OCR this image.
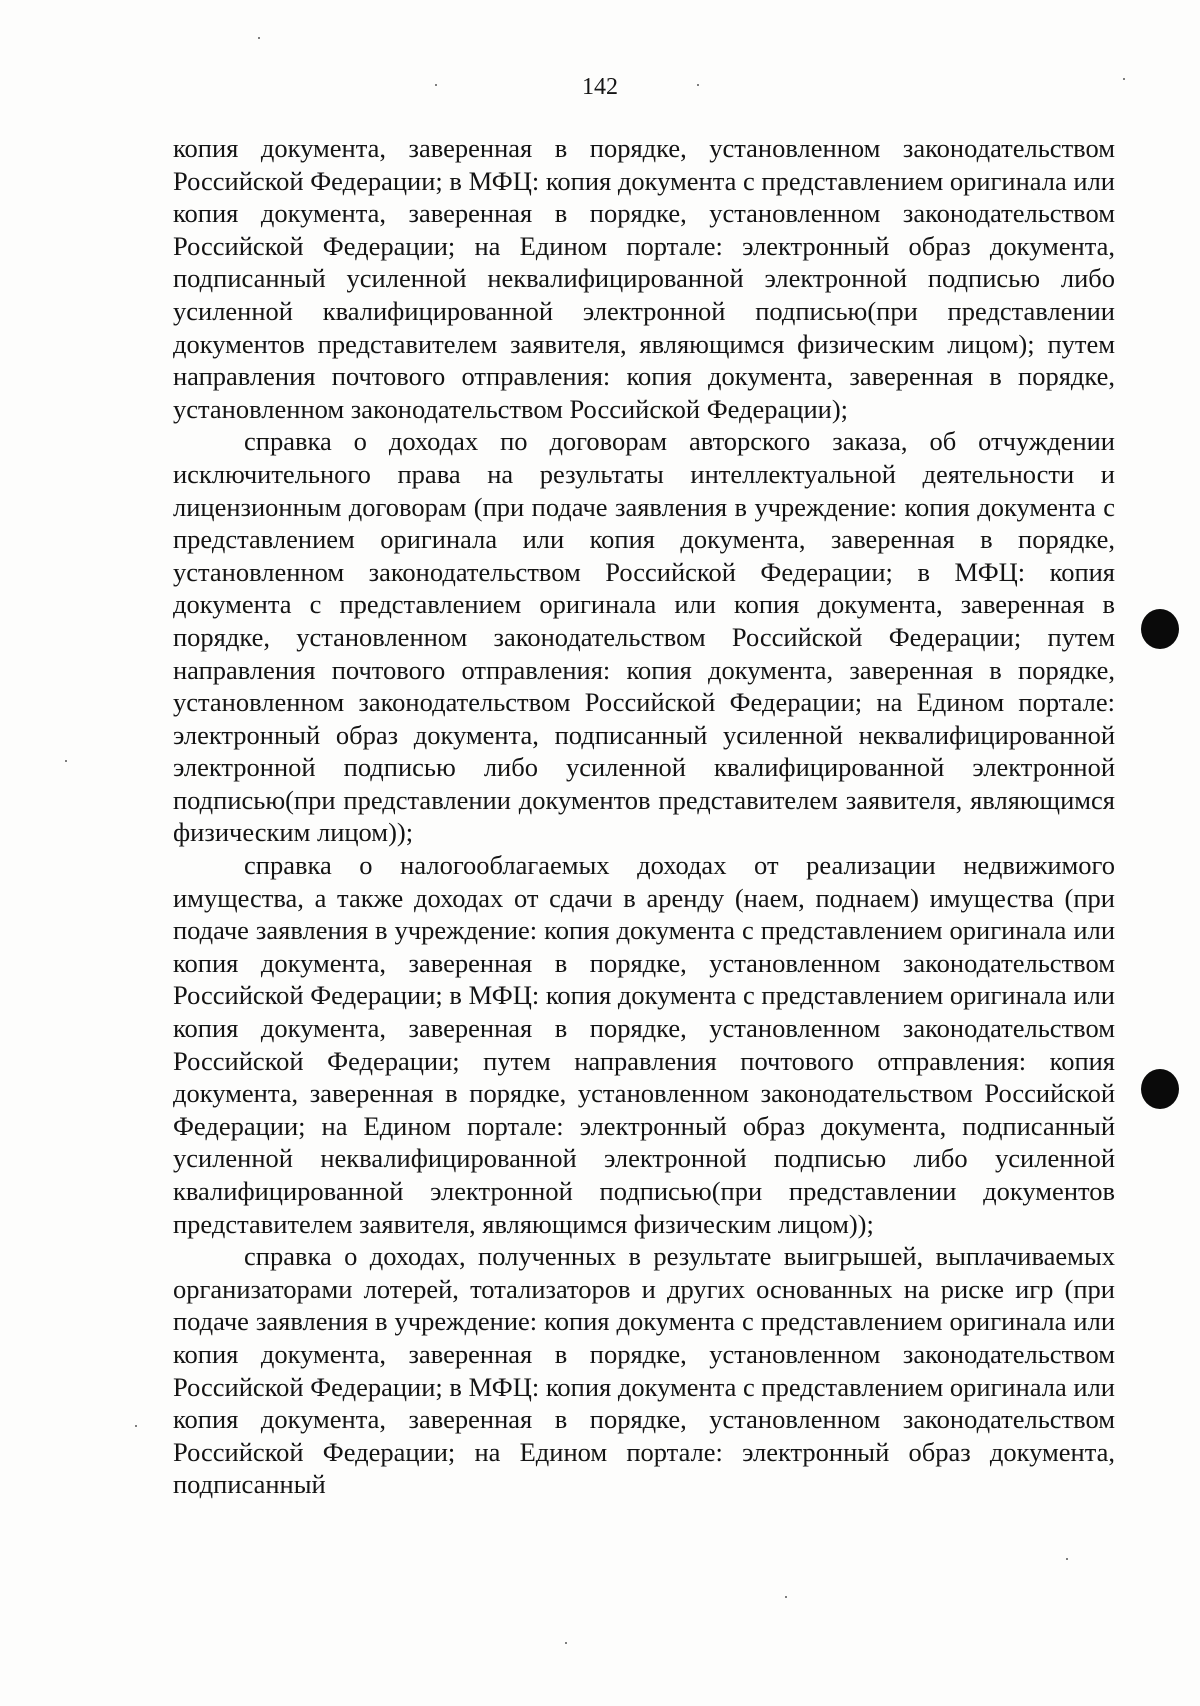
142

копия документа, заверенная в порядке, установленном законодательством Российской Федерации; в МФЦ: копия документа с представлением оригинала или копия документа, заверенная в порядке, установленном законодательством Российской Федерации; на Едином портале: электронный образ документа, подписанный усиленной неквалифицированной электронной подписью либо усиленной квалифицированной электронной подписью(при представлении документов представителем заявителя, являющимся физическим лицом); путем направления почтового отправления: копия документа, заверенная в порядке, установленном законодательством Российской Федерации);

справка о доходах по договорам авторского заказа, об отчуждении исключительного права на результаты интеллектуальной деятельности и лицензионным договорам (при подаче заявления в учреждение: копия документа с представлением оригинала или копия документа, заверенная в порядке, установленном законодательством Российской Федерации; в МФЦ: копия документа с представлением оригинала или копия документа, заверенная в порядке, установленном законодательством Российской Федерации; путем направления почтового отправления: копия документа, заверенная в порядке, установленном законодательством Российской Федерации; на Едином портале: электронный образ документа, подписанный усиленной неквалифицированной электронной подписью либо усиленной квалифицированной электронной подписью(при представлении документов представителем заявителя, являющимся физическим лицом));

справка о налогооблагаемых доходах от реализации недвижимого имущества, а также доходах от сдачи в аренду (наем, поднаем) имущества (при подаче заявления в учреждение: копия документа с представлением оригинала или копия документа, заверенная в порядке, установленном законодательством Российской Федерации; в МФЦ: копия документа с представлением оригинала или копия документа, заверенная в порядке, установленном законодательством Российской Федерации; путем направления почтового отправления: копия документа, заверенная в порядке, установленном законодательством Российской Федерации; на Едином портале: электронный образ документа, подписанный усиленной неквалифицированной электронной подписью либо усиленной квалифицированной электронной подписью(при представлении документов представителем заявителя, являющимся физическим лицом));

справка о доходах, полученных в результате выигрышей, выплачиваемых организаторами лотерей, тотализаторов и других основанных на риске игр (при подаче заявления в учреждение: копия документа с представлением оригинала или копия документа, заверенная в порядке, установленном законодательством Российской Федерации; в МФЦ: копия документа с представлением оригинала или копия документа, заверенная в порядке, установленном законодательством Российской Федерации; на Едином портале: электронный образ документа, подписанный
